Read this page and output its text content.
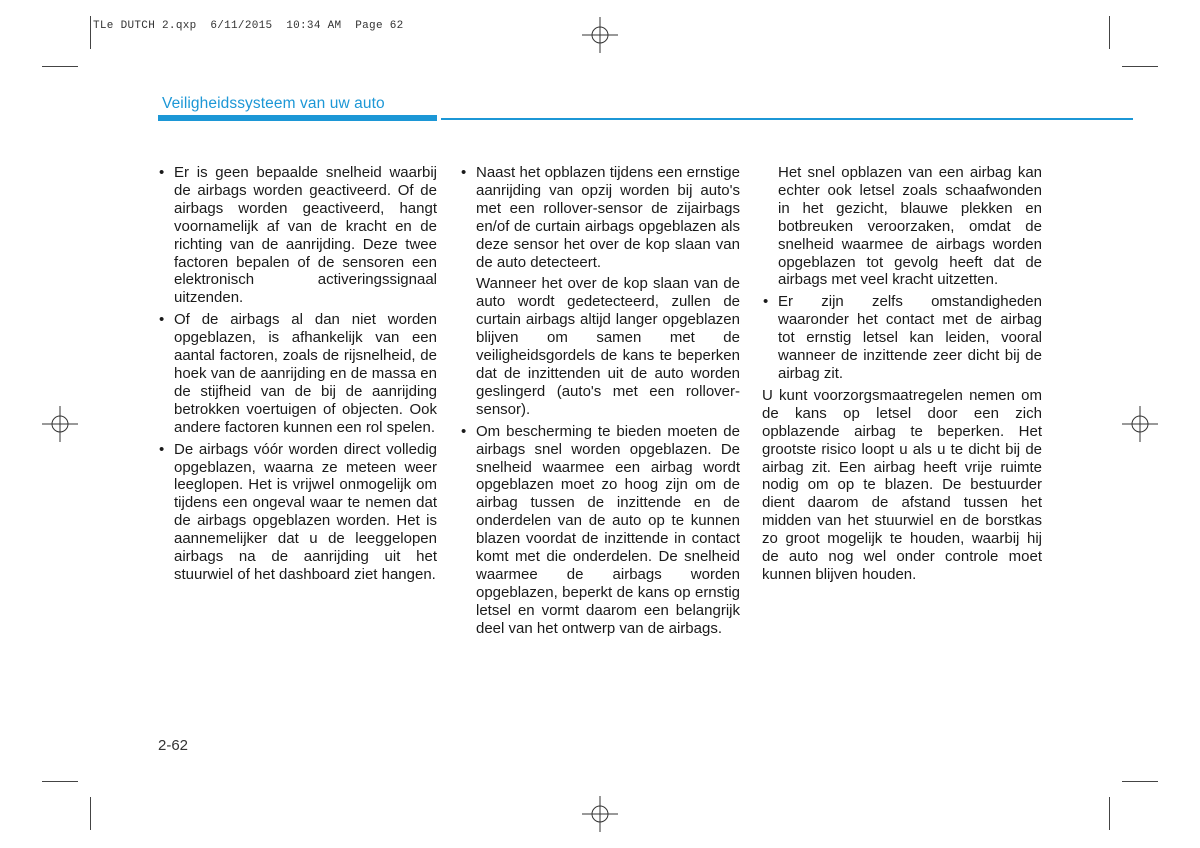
TLe DUTCH 2.qxp  6/11/2015  10:34 AM  Page 62
Veiligheidssysteem van uw auto
• Er is geen bepaalde snelheid waarbij de airbags worden geactiveerd. Of de airbags worden geactiveerd, hangt voornamelijk af van de kracht en de richting van de aanrijding. Deze twee factoren bepalen of de sensoren een elektronisch activeringssignaal uitzenden.
• Of de airbags al dan niet worden opgeblazen, is afhankelijk van een aantal factoren, zoals de rijsnelheid, de hoek van de aanrijding en de massa en de stijfheid van de bij de aanrijding betrokken voertuigen of objecten. Ook andere factoren kunnen een rol spelen.
• De airbags vóór worden direct volledig opgeblazen, waarna ze meteen weer leeglopen. Het is vrijwel onmogelijk om tijdens een ongeval waar te nemen dat de airbags opgeblazen worden. Het is aannemelijker dat u de leeggelopen airbags na de aanrijding uit het stuurwiel of het dashboard ziet hangen.
• Naast het opblazen tijdens een ernstige aanrijding van opzij worden bij auto's met een rollover-sensor de zijairbags en/of de curtain airbags opgeblazen als deze sensor het over de kop slaan van de auto detecteert.

Wanneer het over de kop slaan van de auto wordt gedetecteerd, zullen de curtain airbags altijd langer opgeblazen blijven om samen met de veiligheidsgordels de kans te beperken dat de inzittenden uit de auto worden geslingerd (auto's met een rollover-sensor).

• Om bescherming te bieden moeten de airbags snel worden opgeblazen. De snelheid waarmee een airbag wordt opgeblazen moet zo hoog zijn om de airbag tussen de inzittende en de onderdelen van de auto op te kunnen blazen voordat de inzittende in contact komt met die onderdelen. De snelheid waarmee de airbags worden opgeblazen, beperkt de kans op ernstig letsel en vormt daarom een belangrijk deel van het ontwerp van de airbags.

Het snel opblazen van een airbag kan echter ook letsel zoals schaafwonden in het gezicht, blauwe plekken en botbreuken veroorzaken, omdat de snelheid waarmee de airbags worden opgeblazen tot gevolg heeft dat de airbags met veel kracht uitzetten.

• Er zijn zelfs omstandigheden waaronder het contact met de airbag tot ernstig letsel kan leiden, vooral wanneer de inzittende zeer dicht bij de airbag zit.

U kunt voorzorgsmaatregelen nemen om de kans op letsel door een zich opblazende airbag te beperken. Het grootste risico loopt u als u te dicht bij de airbag zit. Een airbag heeft vrije ruimte nodig om op te blazen. De bestuurder dient daarom de afstand tussen het midden van het stuurwiel en de borstkas zo groot mogelijk te houden, waarbij hij de auto nog wel onder controle moet kunnen blijven houden.

2-62
